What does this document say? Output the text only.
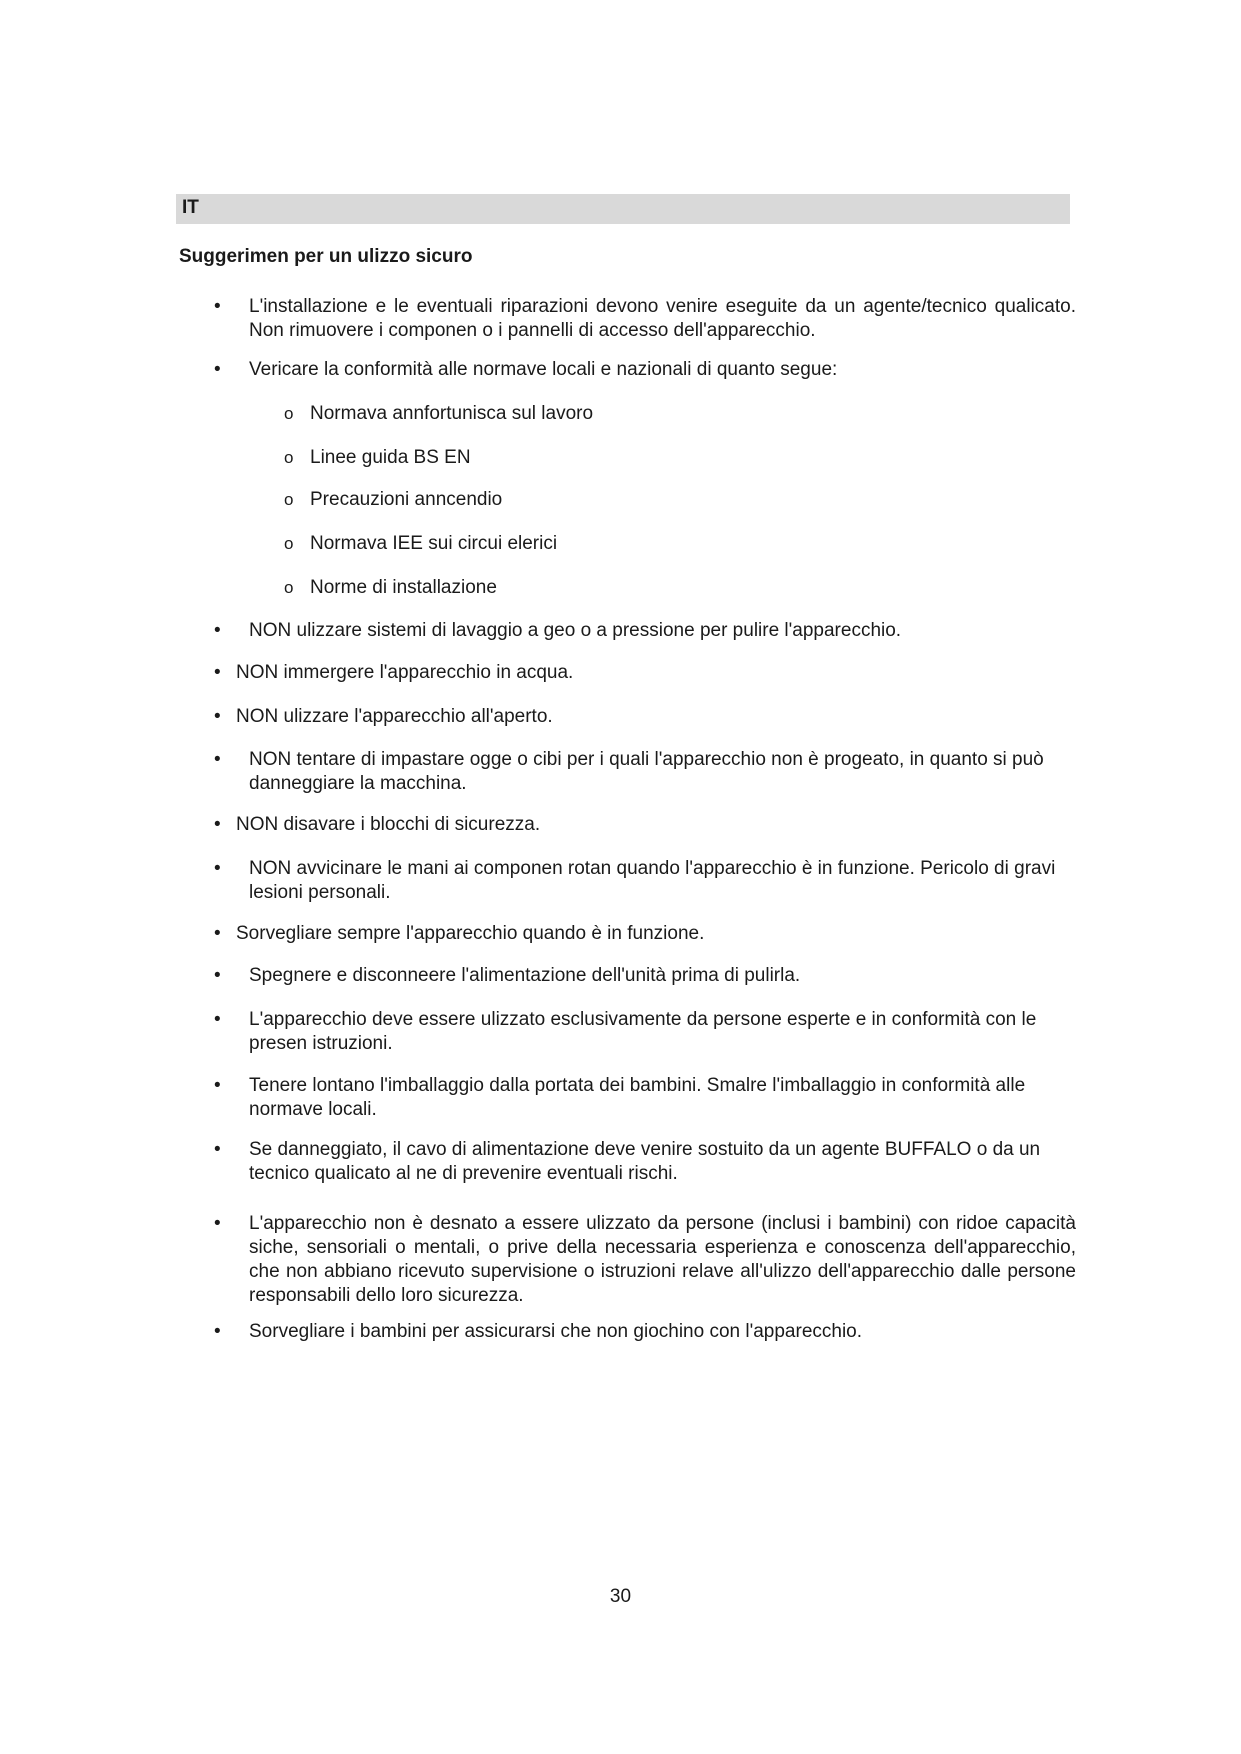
IT
Suggerimen per un ulizzo sicuro
•	L'installazione e le eventuali riparazioni devono venire eseguite da un agente/tecnico qualicato. Non rimuovere i componen o i pannelli di accesso dell'apparecchio.
•	Vericare la conformità alle normave locali e nazionali di quanto segue:
o Normava annfortunisca sul lavoro
o Linee guida BS EN
o Precauzioni anncendio
o Normava IEE sui circui elerici
o Norme di installazione
•	NON ulizzare sistemi di lavaggio a geo o a pressione per pulire l'apparecchio.
• NON immergere l'apparecchio in acqua.
• NON ulizzare l'apparecchio all'aperto.
•	NON tentare di impastare ogge o cibi per i quali l'apparecchio non è progeato, in quanto si può danneggiare la macchina.
• NON disavare i blocchi di sicurezza.
•	NON avvicinare le mani ai componen rotan quando l'apparecchio è in funzione. Pericolo di gravi lesioni personali.
• Sorvegliare sempre l'apparecchio quando è in funzione.
•	Spegnere e disconneere l'alimentazione dell'unità prima di pulirla.
•	L'apparecchio deve essere ulizzato esclusivamente da persone esperte e in conformità con le presen istruzioni.
•	Tenere lontano l'imballaggio dalla portata dei bambini. Smalre l'imballaggio in conformità alle normave locali.
•	Se danneggiato, il cavo di alimentazione deve venire sostuito da un agente BUFFALO o da un tecnico qualicato al ne di prevenire eventuali rischi.
•	L'apparecchio non è desnato a essere ulizzato da persone (inclusi i bambini) con ridoe capacità siche, sensoriali o mentali, o prive della necessaria esperienza e conoscenza dell'apparecchio, che non abbiano ricevuto supervisione o istruzioni relave all'ulizzo dell'apparecchio dalle persone responsabili dello loro sicurezza.
•	Sorvegliare i bambini per assicurarsi che non giochino con l'apparecchio.
30
